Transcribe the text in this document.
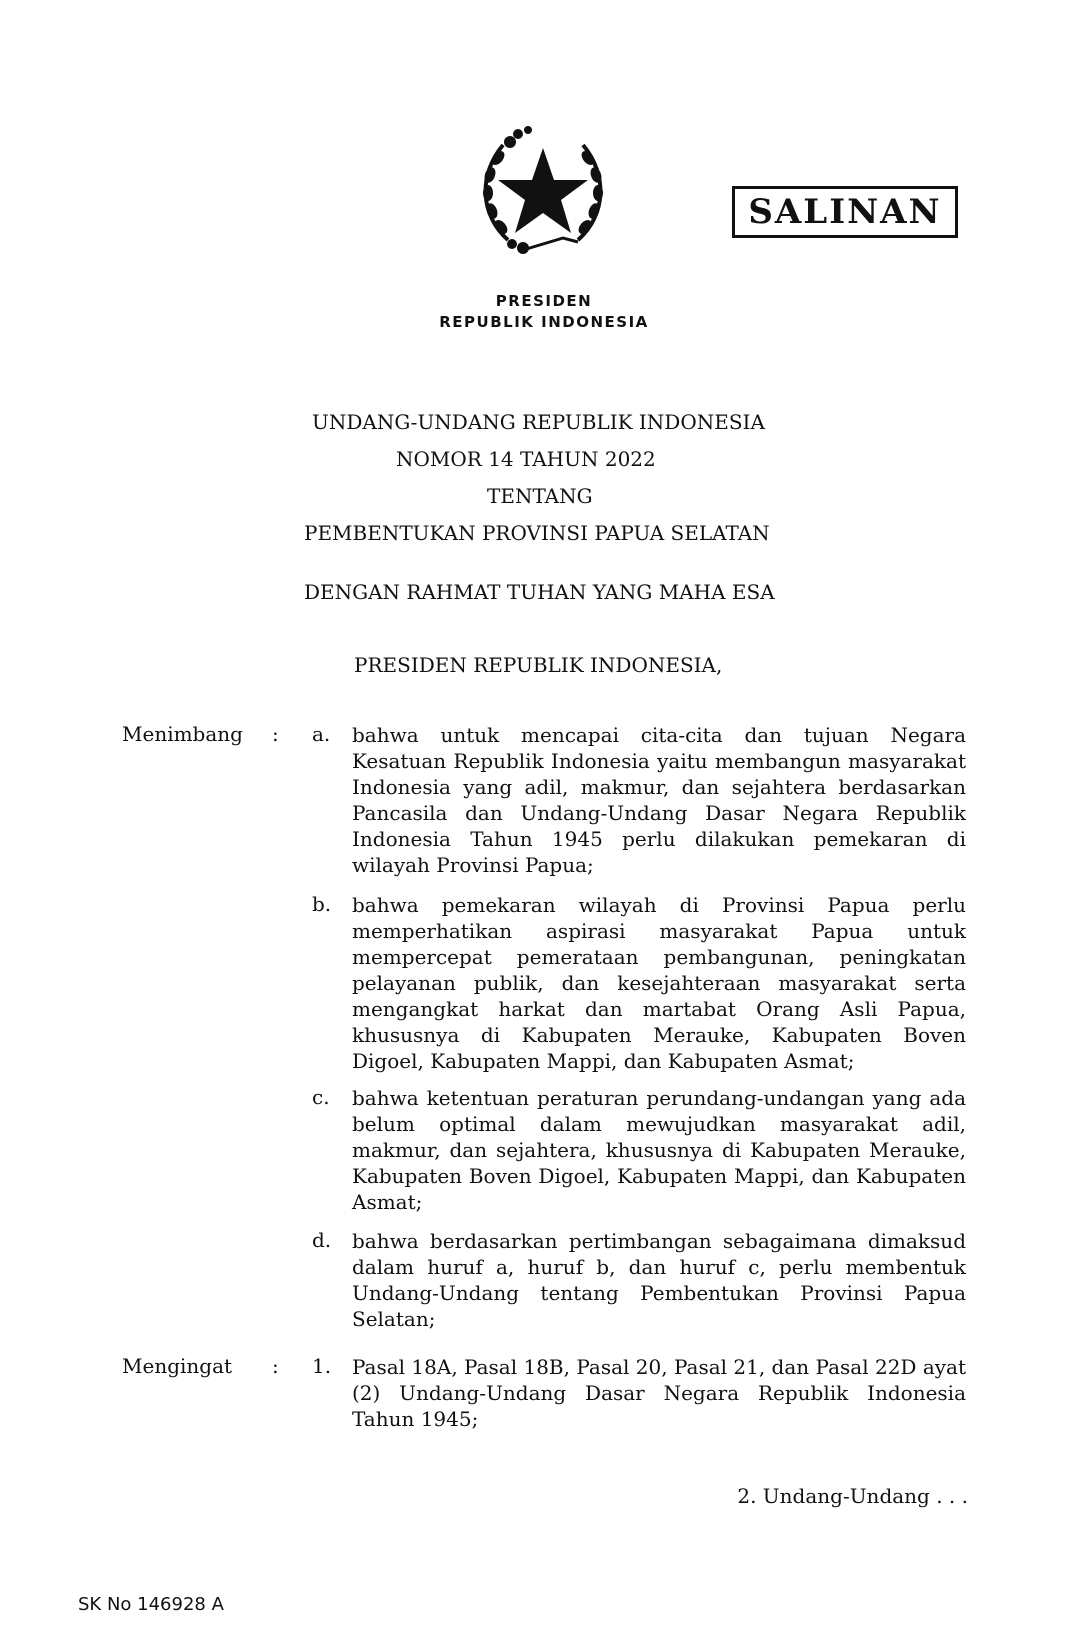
SALINAN
PRESIDEN
REPUBLIK INDONESIA
UNDANG-UNDANG REPUBLIK INDONESIA
NOMOR 14 TAHUN 2022
TENTANG
PEMBENTUKAN PROVINSI PAPUA SELATAN
DENGAN RAHMAT TUHAN YANG MAHA ESA
PRESIDEN REPUBLIK INDONESIA,
Menimbang : a. bahwa untuk mencapai cita-cita dan tujuan Negara Kesatuan Republik Indonesia yaitu membangun masyarakat Indonesia yang adil, makmur, dan sejahtera berdasarkan Pancasila dan Undang-Undang Dasar Negara Republik Indonesia Tahun 1945 perlu dilakukan pemekaran di wilayah Provinsi Papua;
b. bahwa pemekaran wilayah di Provinsi Papua perlu memperhatikan aspirasi masyarakat Papua untuk mempercepat pemerataan pembangunan, peningkatan pelayanan publik, dan kesejahteraan masyarakat serta mengangkat harkat dan martabat Orang Asli Papua, khususnya di Kabupaten Merauke, Kabupaten Boven Digoel, Kabupaten Mappi, dan Kabupaten Asmat;
c. bahwa ketentuan peraturan perundang-undangan yang ada belum optimal dalam mewujudkan masyarakat adil, makmur, dan sejahtera, khususnya di Kabupaten Merauke, Kabupaten Boven Digoel, Kabupaten Mappi, dan Kabupaten Asmat;
d. bahwa berdasarkan pertimbangan sebagaimana dimaksud dalam huruf a, huruf b, dan huruf c, perlu membentuk Undang-Undang tentang Pembentukan Provinsi Papua Selatan;
Mengingat : 1. Pasal 18A, Pasal 18B, Pasal 20, Pasal 21, dan Pasal 22D ayat (2) Undang-Undang Dasar Negara Republik Indonesia Tahun 1945;
2. Undang-Undang . . .
SK No 146928 A
